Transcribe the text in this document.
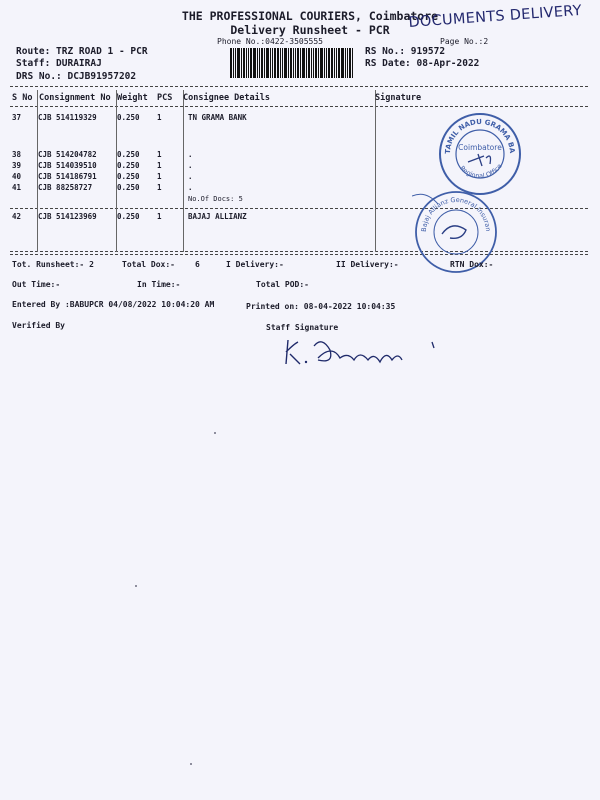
THE PROFESSIONAL COURIERS, Coimbatore
Delivery Runsheet - PCR
Phone No.:0422-3505555
DOCUMENTS DELIVERY
Page No.:2
Route: TRZ ROAD 1 - PCR
Staff: DURAIRAJ
DRS No.: DCJB91957202
RS No.: 919572
RS Date: 08-Apr-2022
S No Consignment No Weight PCS Consignee Details	Signature
37 CJB 514119329	0.250 1	TN GRAMA BANK
38 CJB 514204782	0.250 1	.
39 CJB 514039510	0.250 1	.
40 CJB 514186791	0.250 1	.
41 CJB 88258727	0.250 1	.
No.Of Docs: 5
42 CJB 514123969	0.250 1	BAJAJ ALLIANZ
TAMIL NADU GRAMA BA
Regional Office
Coimbatore
Bajaj Allianz General Insuran
Tot. Runsheet:- 2	Total Dox:-	6	I Delivery:-	II Delivery:-	RTN Dox:-
Out Time:-	In Time:-	Total POD:-
Entered By :BABUPCR 04/08/2022 10:04:20 AM	Printed on: 08-04-2022 10:04:35
Verified By	Staff Signature
